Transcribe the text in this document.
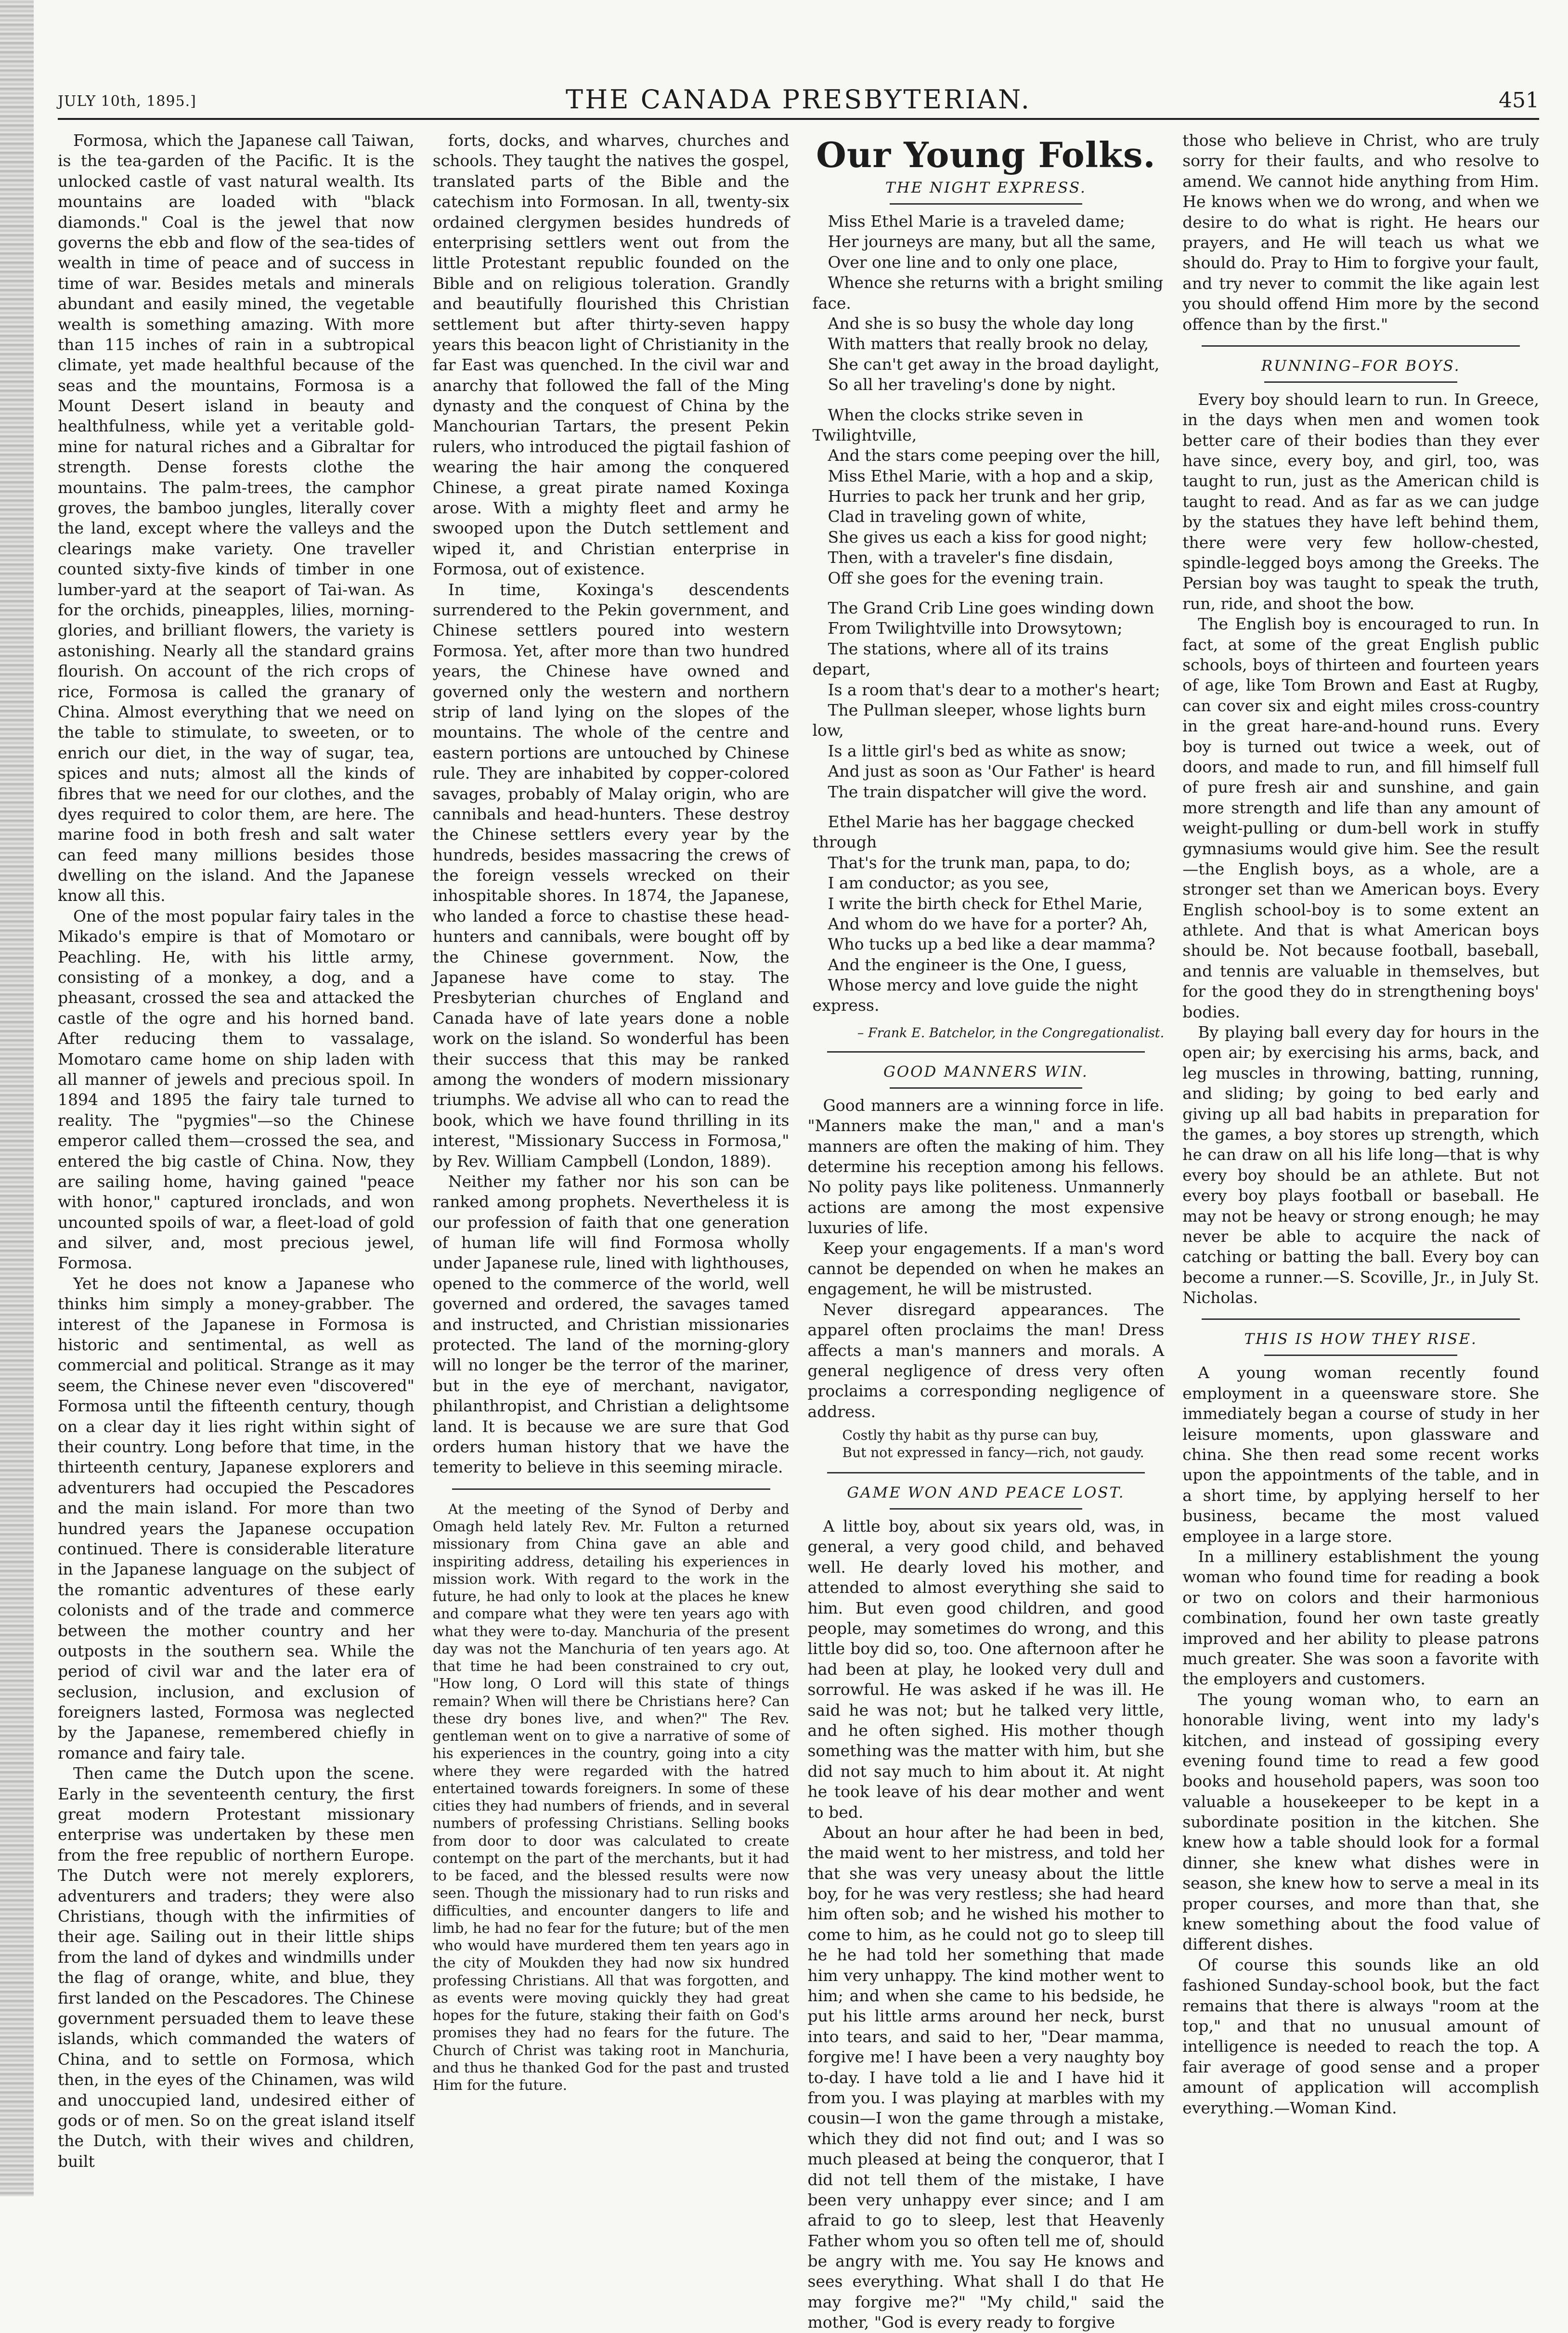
JULY 10th, 1895.]	THE CANADA PRESBYTERIAN.	451

Formosa, which the Japanese call Taiwan, is the tea-garden of the Pacific. It is the unlocked castle of vast natural wealth. Its mountains are loaded with "black diamonds." Coal is the jewel that now governs the ebb and flow of the sea-tides of wealth in time of peace and of success in time of war. Besides metals and minerals abundant and easily mined, the vegetable wealth is something amazing. With more than 115 inches of rain in a subtropical climate, yet made healthful because of the seas and the mountains, Formosa is a Mount Desert island in beauty and healthfulness, while yet a veritable gold-mine for natural riches and a Gibraltar for strength. Dense forests clothe the mountains. The palm-trees, the camphor groves, the bamboo jungles, literally cover the land, except where the valleys and the clearings make variety. One traveller counted sixty-five kinds of timber in one lumber-yard at the seaport of Tai-wan. As for the orchids, pineapples, lilies, morning-glories, and brilliant flowers, the variety is astonishing. Nearly all the standard grains flourish. On account of the rich crops of rice, Formosa is called the granary of China. Almost everything that we need on the table to stimulate, to sweeten, or to enrich our diet, in the way of sugar, tea, spices and nuts; almost all the kinds of fibres that we need for our clothes, and the dyes required to color them, are here. The marine food in both fresh and salt water can feed many millions besides those dwelling on the island. And the Japanese know all this.

One of the most popular fairy tales in the Mikado's empire is that of Momotaro or Peachling. He, with his little army, consisting of a monkey, a dog, and a pheasant, crossed the sea and attacked the castle of the ogre and his horned band. After reducing them to vassalage, Momotaro came home on ship laden with all manner of jewels and precious spoil. In 1894 and 1895 the fairy tale turned to reality. The "pygmies"—so the Chinese emperor called them—crossed the sea, and entered the big castle of China. Now, they are sailing home, having gained "peace with honor," captured ironclads, and won uncounted spoils of war, a fleet-load of gold and silver, and, most precious jewel, Formosa.

Yet he does not know a Japanese who thinks him simply a money-grabber. The interest of the Japanese in Formosa is historic and sentimental, as well as commercial and political. Strange as it may seem, the Chinese never even "discovered" Formosa until the fifteenth century, though on a clear day it lies right within sight of their country. Long before that time, in the thirteenth century, Japanese explorers and adventurers had occupied the Pescadores and the main island. For more than two hundred years the Japanese occupation continued. There is considerable literature in the Japanese language on the subject of the romantic adventures of these early colonists and of the trade and commerce between the mother country and her outposts in the southern sea. While the period of civil war and the later era of seclusion, inclusion, and exclusion of foreigners lasted, Formosa was neglected by the Japanese, remembered chiefly in romance and fairy tale.

Then came the Dutch upon the scene. Early in the seventeenth century, the first great modern Protestant missionary enterprise was undertaken by these men from the free republic of northern Europe. The Dutch were not merely explorers, adventurers and traders; they were also Christians, though with the infirmities of their age. Sailing out in their little ships from the land of dykes and windmills under the flag of orange, white, and blue, they first landed on the Pescadores. The Chinese government persuaded them to leave these islands, which commanded the waters of China, and to settle on Formosa, which then, in the eyes of the Chinamen, was wild and unoccupied land, undesired either of gods or of men. So on the great island itself the Dutch, with their wives and children, built

forts, docks, and wharves, churches and schools. They taught the natives the gospel, translated parts of the Bible and the catechism into Formosan. In all, twenty-six ordained clergymen besides hundreds of enterprising settlers went out from the little Protestant republic founded on the Bible and on religious toleration. Grandly and beautifully flourished this Christian settlement but after thirty-seven happy years this beacon light of Christianity in the far East was quenched. In the civil war and anarchy that followed the fall of the Ming dynasty and the conquest of China by the Manchourian Tartars, the present Pekin rulers, who introduced the pigtail fashion of wearing the hair among the conquered Chinese, a great pirate named Koxinga arose. With a mighty fleet and army he swooped upon the Dutch settlement and wiped it, and Christian enterprise in Formosa, out of existence.

In time, Koxinga's descendents surrendered to the Pekin government, and Chinese settlers poured into western Formosa. Yet, after more than two hundred years, the Chinese have owned and governed only the western and northern strip of land lying on the slopes of the mountains. The whole of the centre and eastern portions are untouched by Chinese rule. They are inhabited by copper-colored savages, probably of Malay origin, who are cannibals and head-hunters. These destroy the Chinese settlers every year by the hundreds, besides massacring the crews of the foreign vessels wrecked on their inhospitable shores. In 1874, the Japanese, who landed a force to chastise these head-hunters and cannibals, were bought off by the Chinese government. Now, the Japanese have come to stay. The Presbyterian churches of England and Canada have of late years done a noble work on the island. So wonderful has been their success that this may be ranked among the wonders of modern missionary triumphs. We advise all who can to read the book, which we have found thrilling in its interest, "Missionary Success in Formosa," by Rev. William Campbell (London, 1889).

Neither my father nor his son can be ranked among prophets. Nevertheless it is our profession of faith that one generation of human life will find Formosa wholly under Japanese rule, lined with lighthouses, opened to the commerce of the world, well governed and ordered, the savages tamed and instructed, and Christian missionaries protected. The land of the morning-glory will no longer be the terror of the mariner, but in the eye of merchant, navigator, philanthropist, and Christian a delightsome land. It is because we are sure that God orders human history that we have the temerity to believe in this seeming miracle.

At the meeting of the Synod of Derby and Omagh held lately Rev. Mr. Fulton a returned missionary from China gave an able and inspiriting address, detailing his experiences in mission work. With regard to the work in the future, he had only to look at the places he knew and compare what they were ten years ago with what they were to-day. Manchuria of the present day was not the Manchuria of ten years ago. At that time he had been constrained to cry out, "How long, O Lord will this state of things remain? When will there be Christians here? Can these dry bones live, and when?" The Rev. gentleman went on to give a narrative of some of his experiences in the country, going into a city where they were regarded with the hatred entertained towards foreigners. In some of these cities they had numbers of friends, and in several numbers of professing Christians. Selling books from door to door was calculated to create contempt on the part of the merchants, but it had to be faced, and the blessed results were now seen. Though the missionary had to run risks and difficulties, and encounter dangers to life and limb, he had no fear for the future; but of the men who would have murdered them ten years ago in the city of Moukden they had now six hundred professing Christians. All that was forgotten, and as events were moving quickly they had great hopes for the future, staking their faith on God's promises they had no fears for the future. The Church of Christ was taking root in Manchuria, and thus he thanked God for the past and trusted Him for the future.

Our Young Folks.
THE NIGHT EXPRESS.

Miss Ethel Marie is a traveled dame;

Her journeys are many, but all the same,

Over one line and to only one place,

Whence she returns with a bright smiling face.

And she is so busy the whole day long

With matters that really brook no delay,

She can't get away in the broad daylight,

So all her traveling's done by night.

When the clocks strike seven in Twilightville,

And the stars come peeping over the hill,

Miss Ethel Marie, with a hop and a skip,

Hurries to pack her trunk and her grip,

Clad in traveling gown of white,

She gives us each a kiss for good night;

Then, with a traveler's fine disdain,

Off she goes for the evening train.

The Grand Crib Line goes winding down

From Twilightville into Drowsytown;

The stations, where all of its trains depart,

Is a room that's dear to a mother's heart;

The Pullman sleeper, whose lights burn low,

Is a little girl's bed as white as snow;

And just as soon as 'Our Father' is heard

The train dispatcher will give the word.

Ethel Marie has her baggage checked through

That's for the trunk man, papa, to do;

I am conductor; as you see,

I write the birth check for Ethel Marie,

And whom do we have for a porter? Ah,

Who tucks up a bed like a dear mamma?

And the engineer is the One, I guess,

Whose mercy and love guide the night express.

– Frank E. Batchelor, in the Congregationalist.
GOOD MANNERS WIN.

Good manners are a winning force in life. "Manners make the man," and a man's manners are often the making of him. They determine his reception among his fellows. No polity pays like politeness. Unmannerly actions are among the most expensive luxuries of life.

Keep your engagements. If a man's word cannot be depended on when he makes an engagement, he will be mistrusted.

Never disregard appearances. The apparel often proclaims the man! Dress affects a man's manners and morals. A general negligence of dress very often proclaims a corresponding negligence of address.

Costly thy habit as thy purse can buy,

But not expressed in fancy—rich, not gaudy.

GAME WON AND PEACE LOST.

A little boy, about six years old, was, in general, a very good child, and behaved well. He dearly loved his mother, and attended to almost everything she said to him. But even good children, and good people, may sometimes do wrong, and this little boy did so, too. One afternoon after he had been at play, he looked very dull and sorrowful. He was asked if he was ill. He said he was not; but he talked very little, and he often sighed. His mother though something was the matter with him, but she did not say much to him about it. At night he took leave of his dear mother and went to bed.

About an hour after he had been in bed, the maid went to her mistress, and told her that she was very uneasy about the little boy, for he was very restless; she had heard him often sob; and he wished his mother to come to him, as he could not go to sleep till he he had told her something that made him very unhappy. The kind mother went to him; and when she came to his bedside, he put his little arms around her neck, burst into tears, and said to her, "Dear mamma, forgive me! I have been a very naughty boy to-day. I have told a lie and I have hid it from you. I was playing at marbles with my cousin—I won the game through a mistake, which they did not find out; and I was so much pleased at being the conqueror, that I did not tell them of the mistake, I have been very unhappy ever since; and I am afraid to go to sleep, lest that Heavenly Father whom you so often tell me of, should be angry with me. You say He knows and sees everything. What shall I do that He may forgive me?" "My child," said the mother, "God is every ready to forgive

those who believe in Christ, who are truly sorry for their faults, and who resolve to amend. We cannot hide anything from Him. He knows when we do wrong, and when we desire to do what is right. He hears our prayers, and He will teach us what we should do. Pray to Him to forgive your fault, and try never to commit the like again lest you should offend Him more by the second offence than by the first."

RUNNING–FOR BOYS.

Every boy should learn to run. In Greece, in the days when men and women took better care of their bodies than they ever have since, every boy, and girl, too, was taught to run, just as the American child is taught to read. And as far as we can judge by the statues they have left behind them, there were very few hollow-chested, spindle-legged boys among the Greeks. The Persian boy was taught to speak the truth, run, ride, and shoot the bow.

The English boy is encouraged to run. In fact, at some of the great English public schools, boys of thirteen and fourteen years of age, like Tom Brown and East at Rugby, can cover six and eight miles cross-country in the great hare-and-hound runs. Every boy is turned out twice a week, out of doors, and made to run, and fill himself full of pure fresh air and sunshine, and gain more strength and life than any amount of weight-pulling or dum-bell work in stuffy gymnasiums would give him. See the result—the English boys, as a whole, are a stronger set than we American boys. Every English school-boy is to some extent an athlete. And that is what American boys should be. Not because football, baseball, and tennis are valuable in themselves, but for the good they do in strengthening boys' bodies.

By playing ball every day for hours in the open air; by exercising his arms, back, and leg muscles in throwing, batting, running, and sliding; by going to bed early and giving up all bad habits in preparation for the games, a boy stores up strength, which he can draw on all his life long—that is why every boy should be an athlete. But not every boy plays football or baseball. He may not be heavy or strong enough; he may never be able to acquire the nack of catching or batting the ball. Every boy can become a runner.—S. Scoville, Jr., in July St. Nicholas.

THIS IS HOW THEY RISE.

A young woman recently found employment in a queensware store. She immediately began a course of study in her leisure moments, upon glassware and china. She then read some recent works upon the appointments of the table, and in a short time, by applying herself to her business, became the most valued employee in a large store.

In a millinery establishment the young woman who found time for reading a book or two on colors and their harmonious combination, found her own taste greatly improved and her ability to please patrons much greater. She was soon a favorite with the employers and customers.

The young woman who, to earn an honorable living, went into my lady's kitchen, and instead of gossiping every evening found time to read a few good books and household papers, was soon too valuable a housekeeper to be kept in a subordinate position in the kitchen. She knew how a table should look for a formal dinner, she knew what dishes were in season, she knew how to serve a meal in its proper courses, and more than that, she knew something about the food value of different dishes.

Of course this sounds like an old fashioned Sunday-school book, but the fact remains that there is always "room at the top," and that no unusual amount of intelligence is needed to reach the top. A fair average of good sense and a proper amount of application will accomplish everything.—Woman Kind.
